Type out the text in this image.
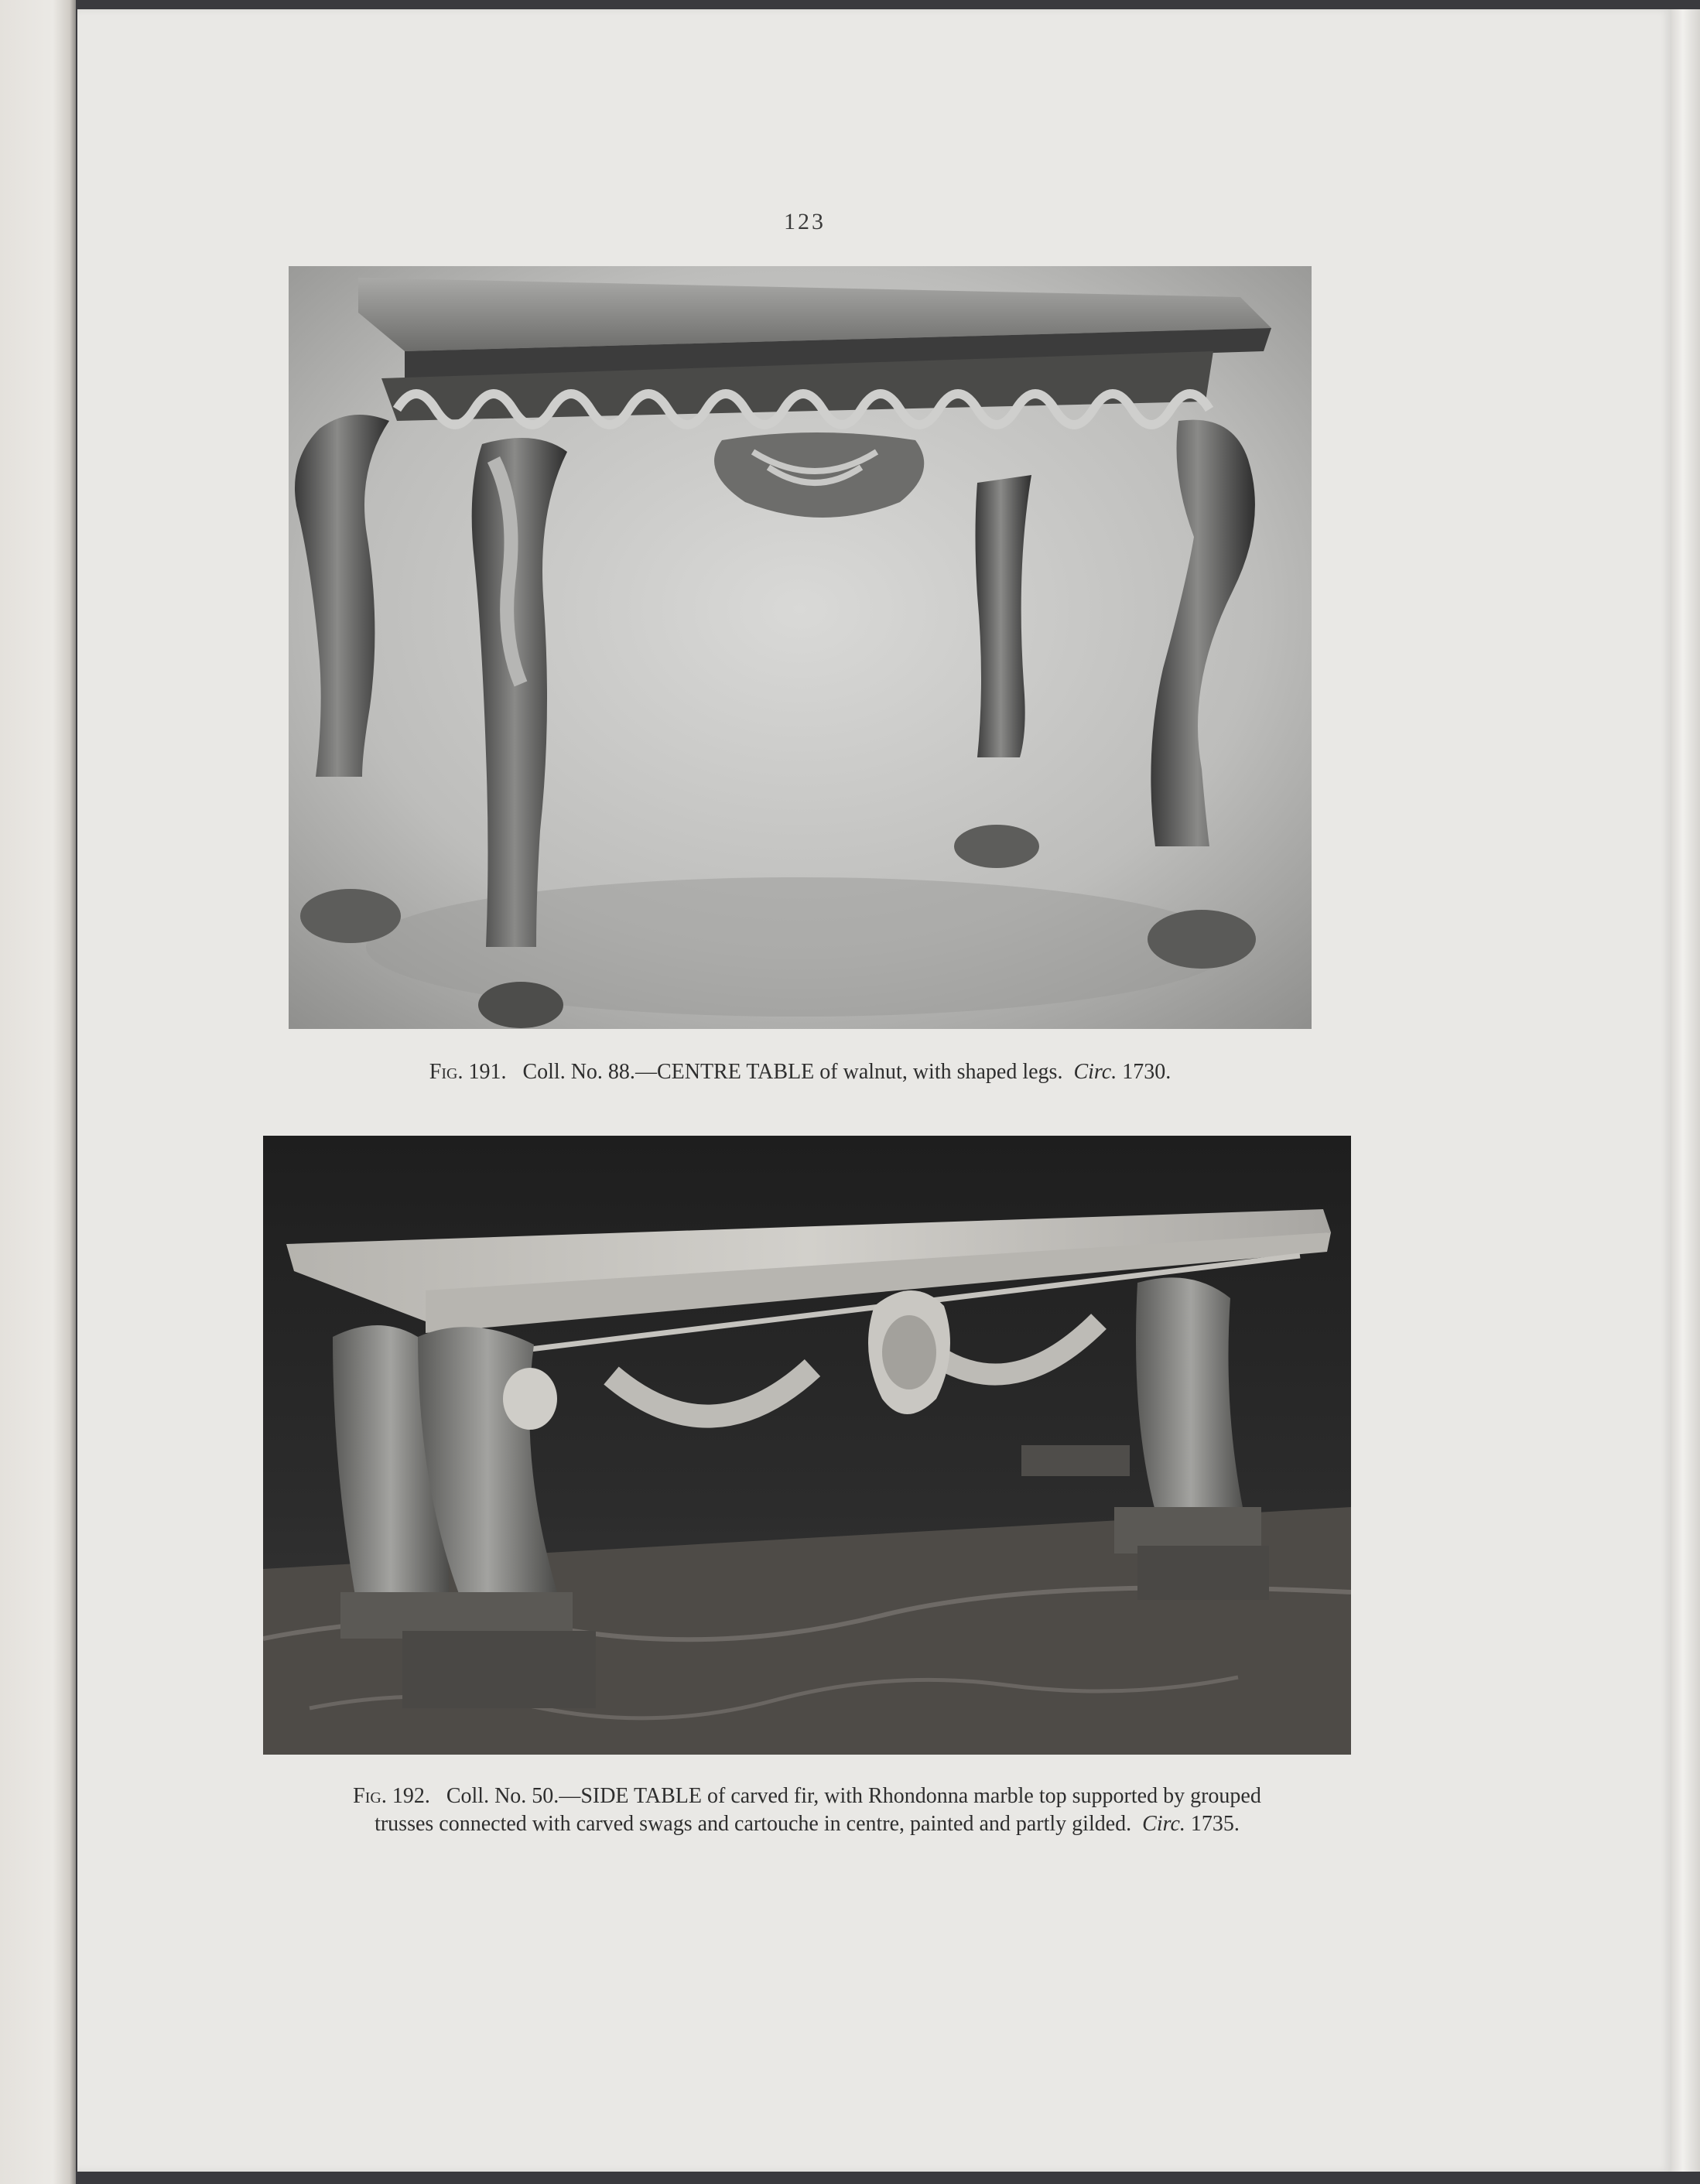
123
Fig. 191. Coll. No. 88.—CENTRE TABLE of walnut, with shaped legs. Circ. 1730.
Fig. 192. Coll. No. 50.—SIDE TABLE of carved fir, with Rhondonna marble top supported by grouped
trusses connected with carved swags and cartouche in centre, painted and partly gilded. Circ. 1735.
